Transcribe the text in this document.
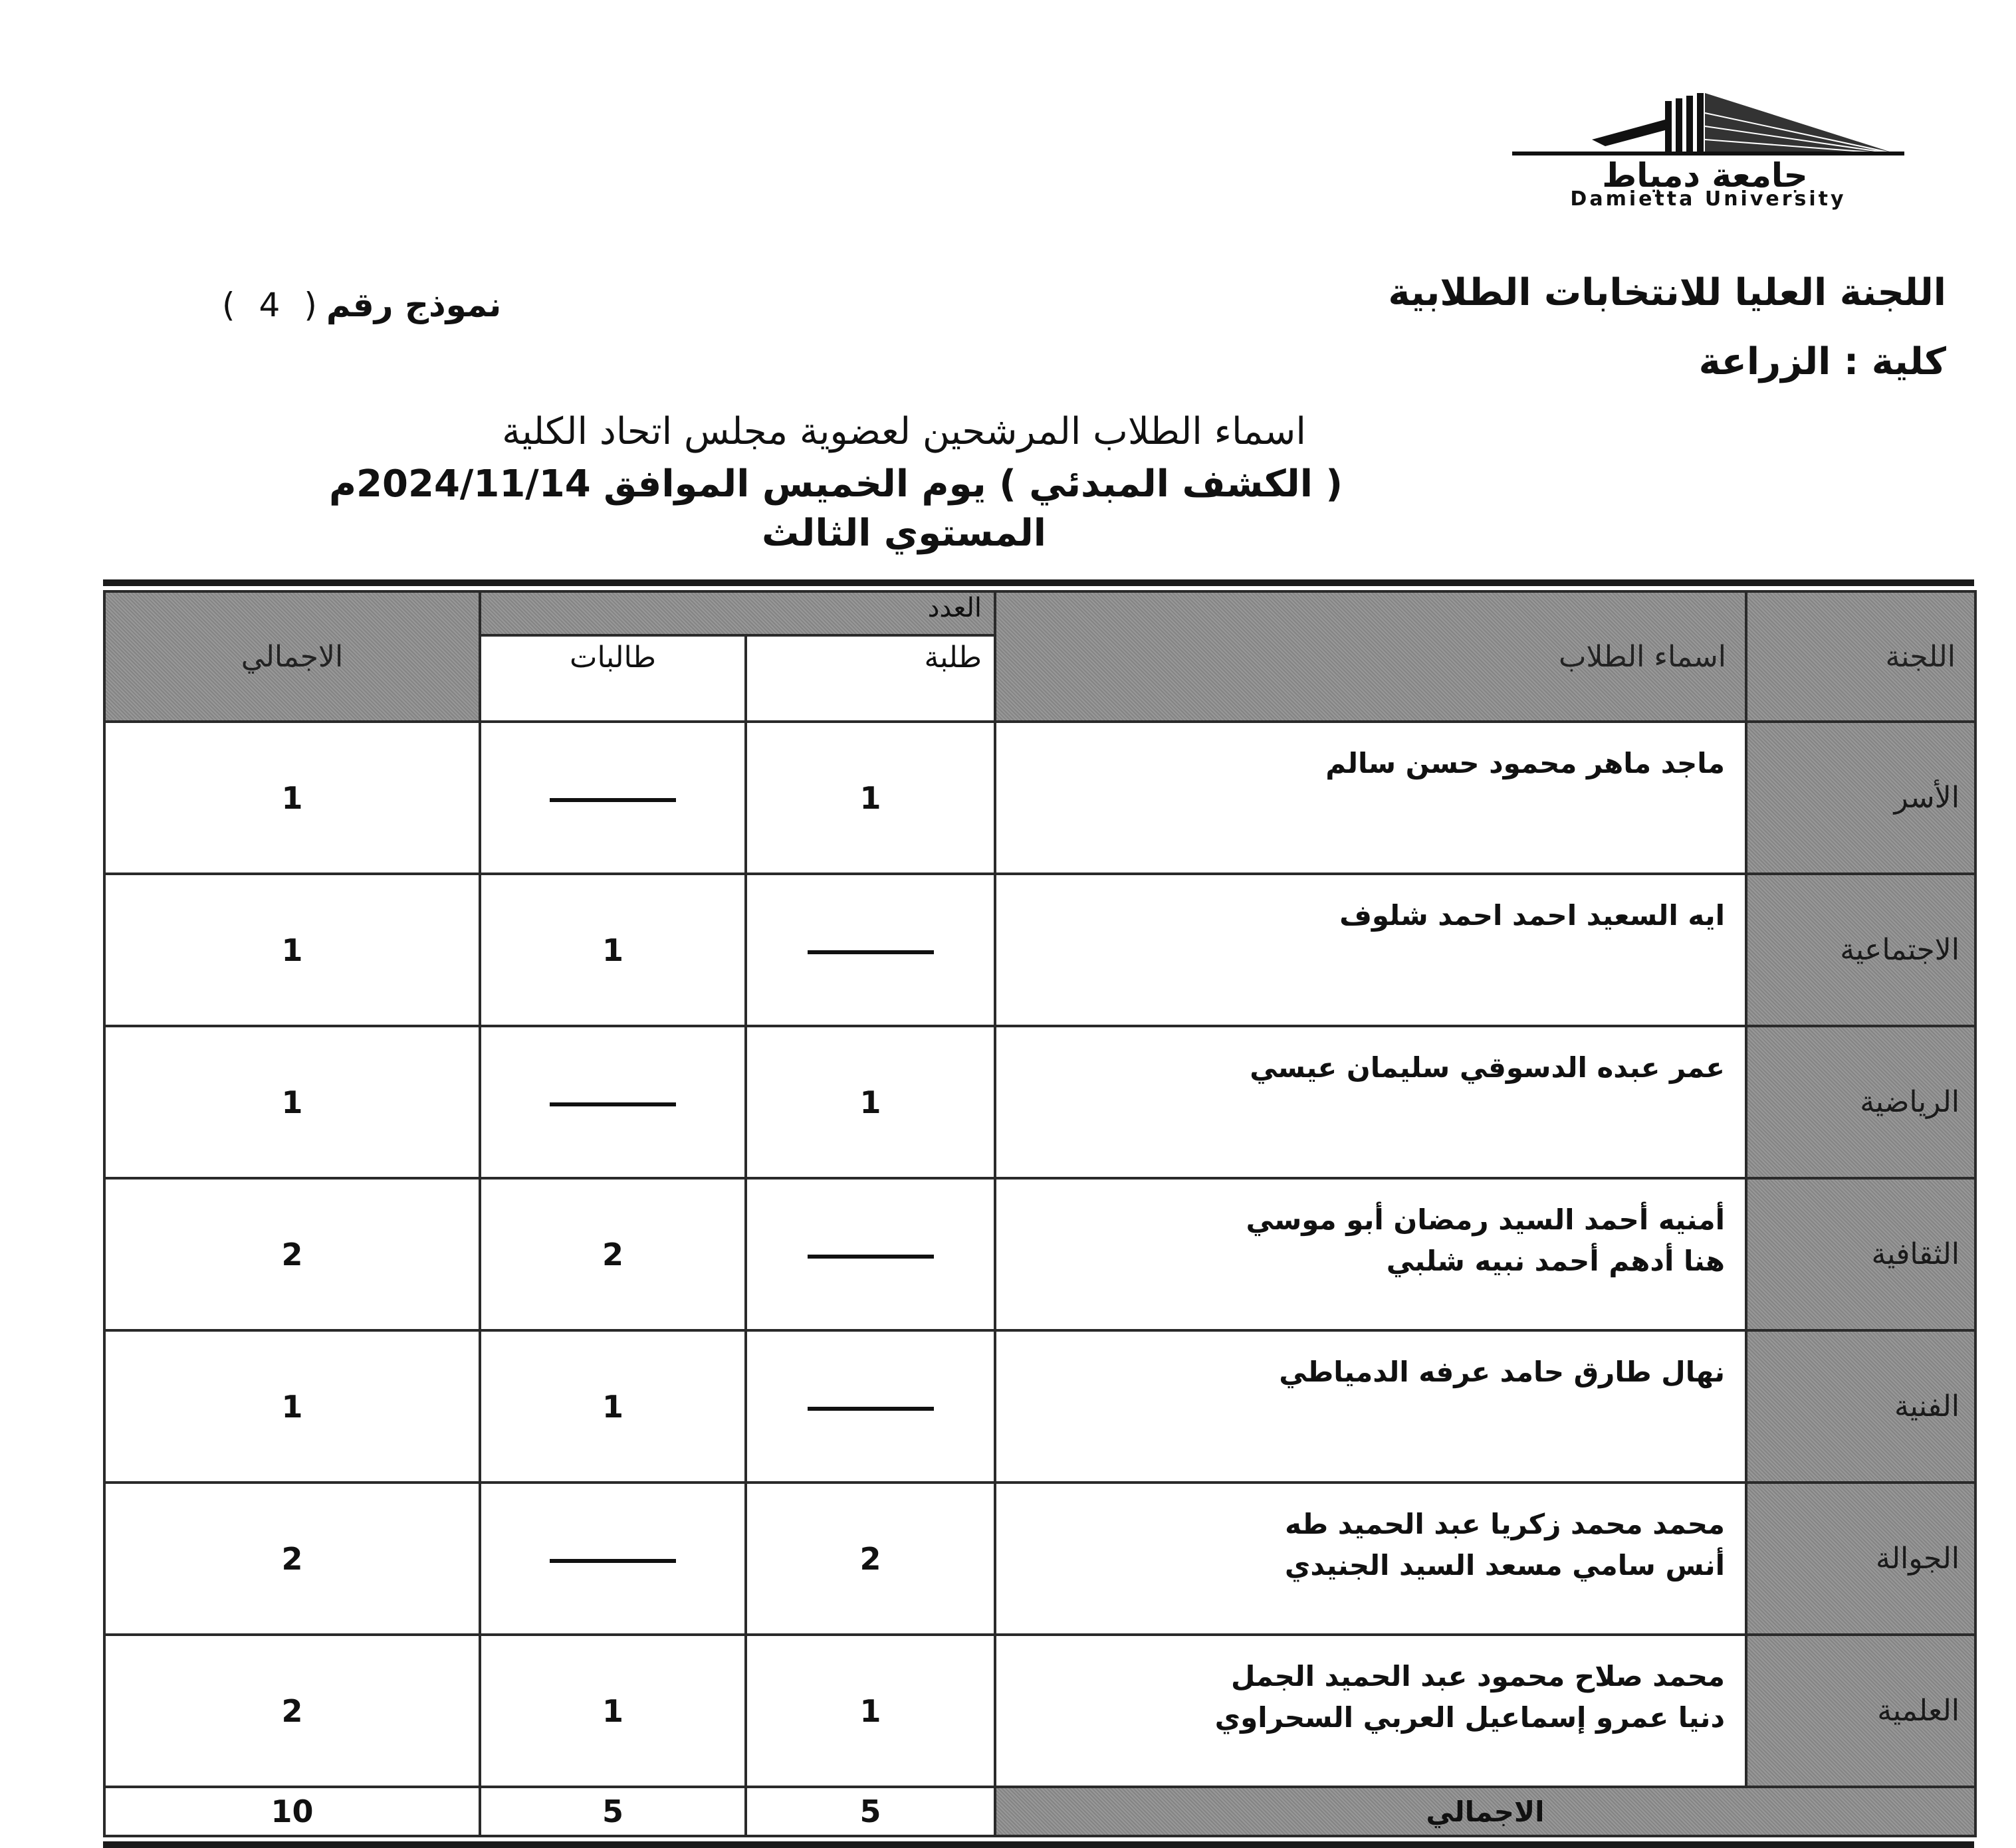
جامعة دمياط
Damietta University
اللجنة العليا للانتخابات الطلابية
كلية : الزراعة
نموذج رقم(4)
اسماء الطلاب المرشحين لعضوية مجلس اتحاد الكلية
( الكشف المبدئي ) يوم الخميس الموافق 2024/11/14م
المستوي الثالث
اللجنة	اسماء الطلاب	العدد		الاجمالي
		طلبة	طالبات	
الأسر	ماجد ماهر محمود حسن سالم	1		1
الاجتماعية	ايه السعيد احمد احمد شلوف		1	1
الرياضية	عمر عبده الدسوقي سليمان عيسي	1		1
الثقافية	أمنيه أحمد السيد رمضان أبو موسي
هنا أدهم أحمد نبيه شلبي		2	2
الفنية	نهال طارق حامد عرفه الدمياطي		1	1
الجوالة	محمد محمد زكريا عبد الحميد طه
أنس سامي مسعد السيد الجنيدي	2		2
العلمية	محمد صلاح محمود عبد الحميد الجمل
دنيا عمرو إسماعيل العربي السحراوي	1	1	2
الاجمالي		5	5	10
